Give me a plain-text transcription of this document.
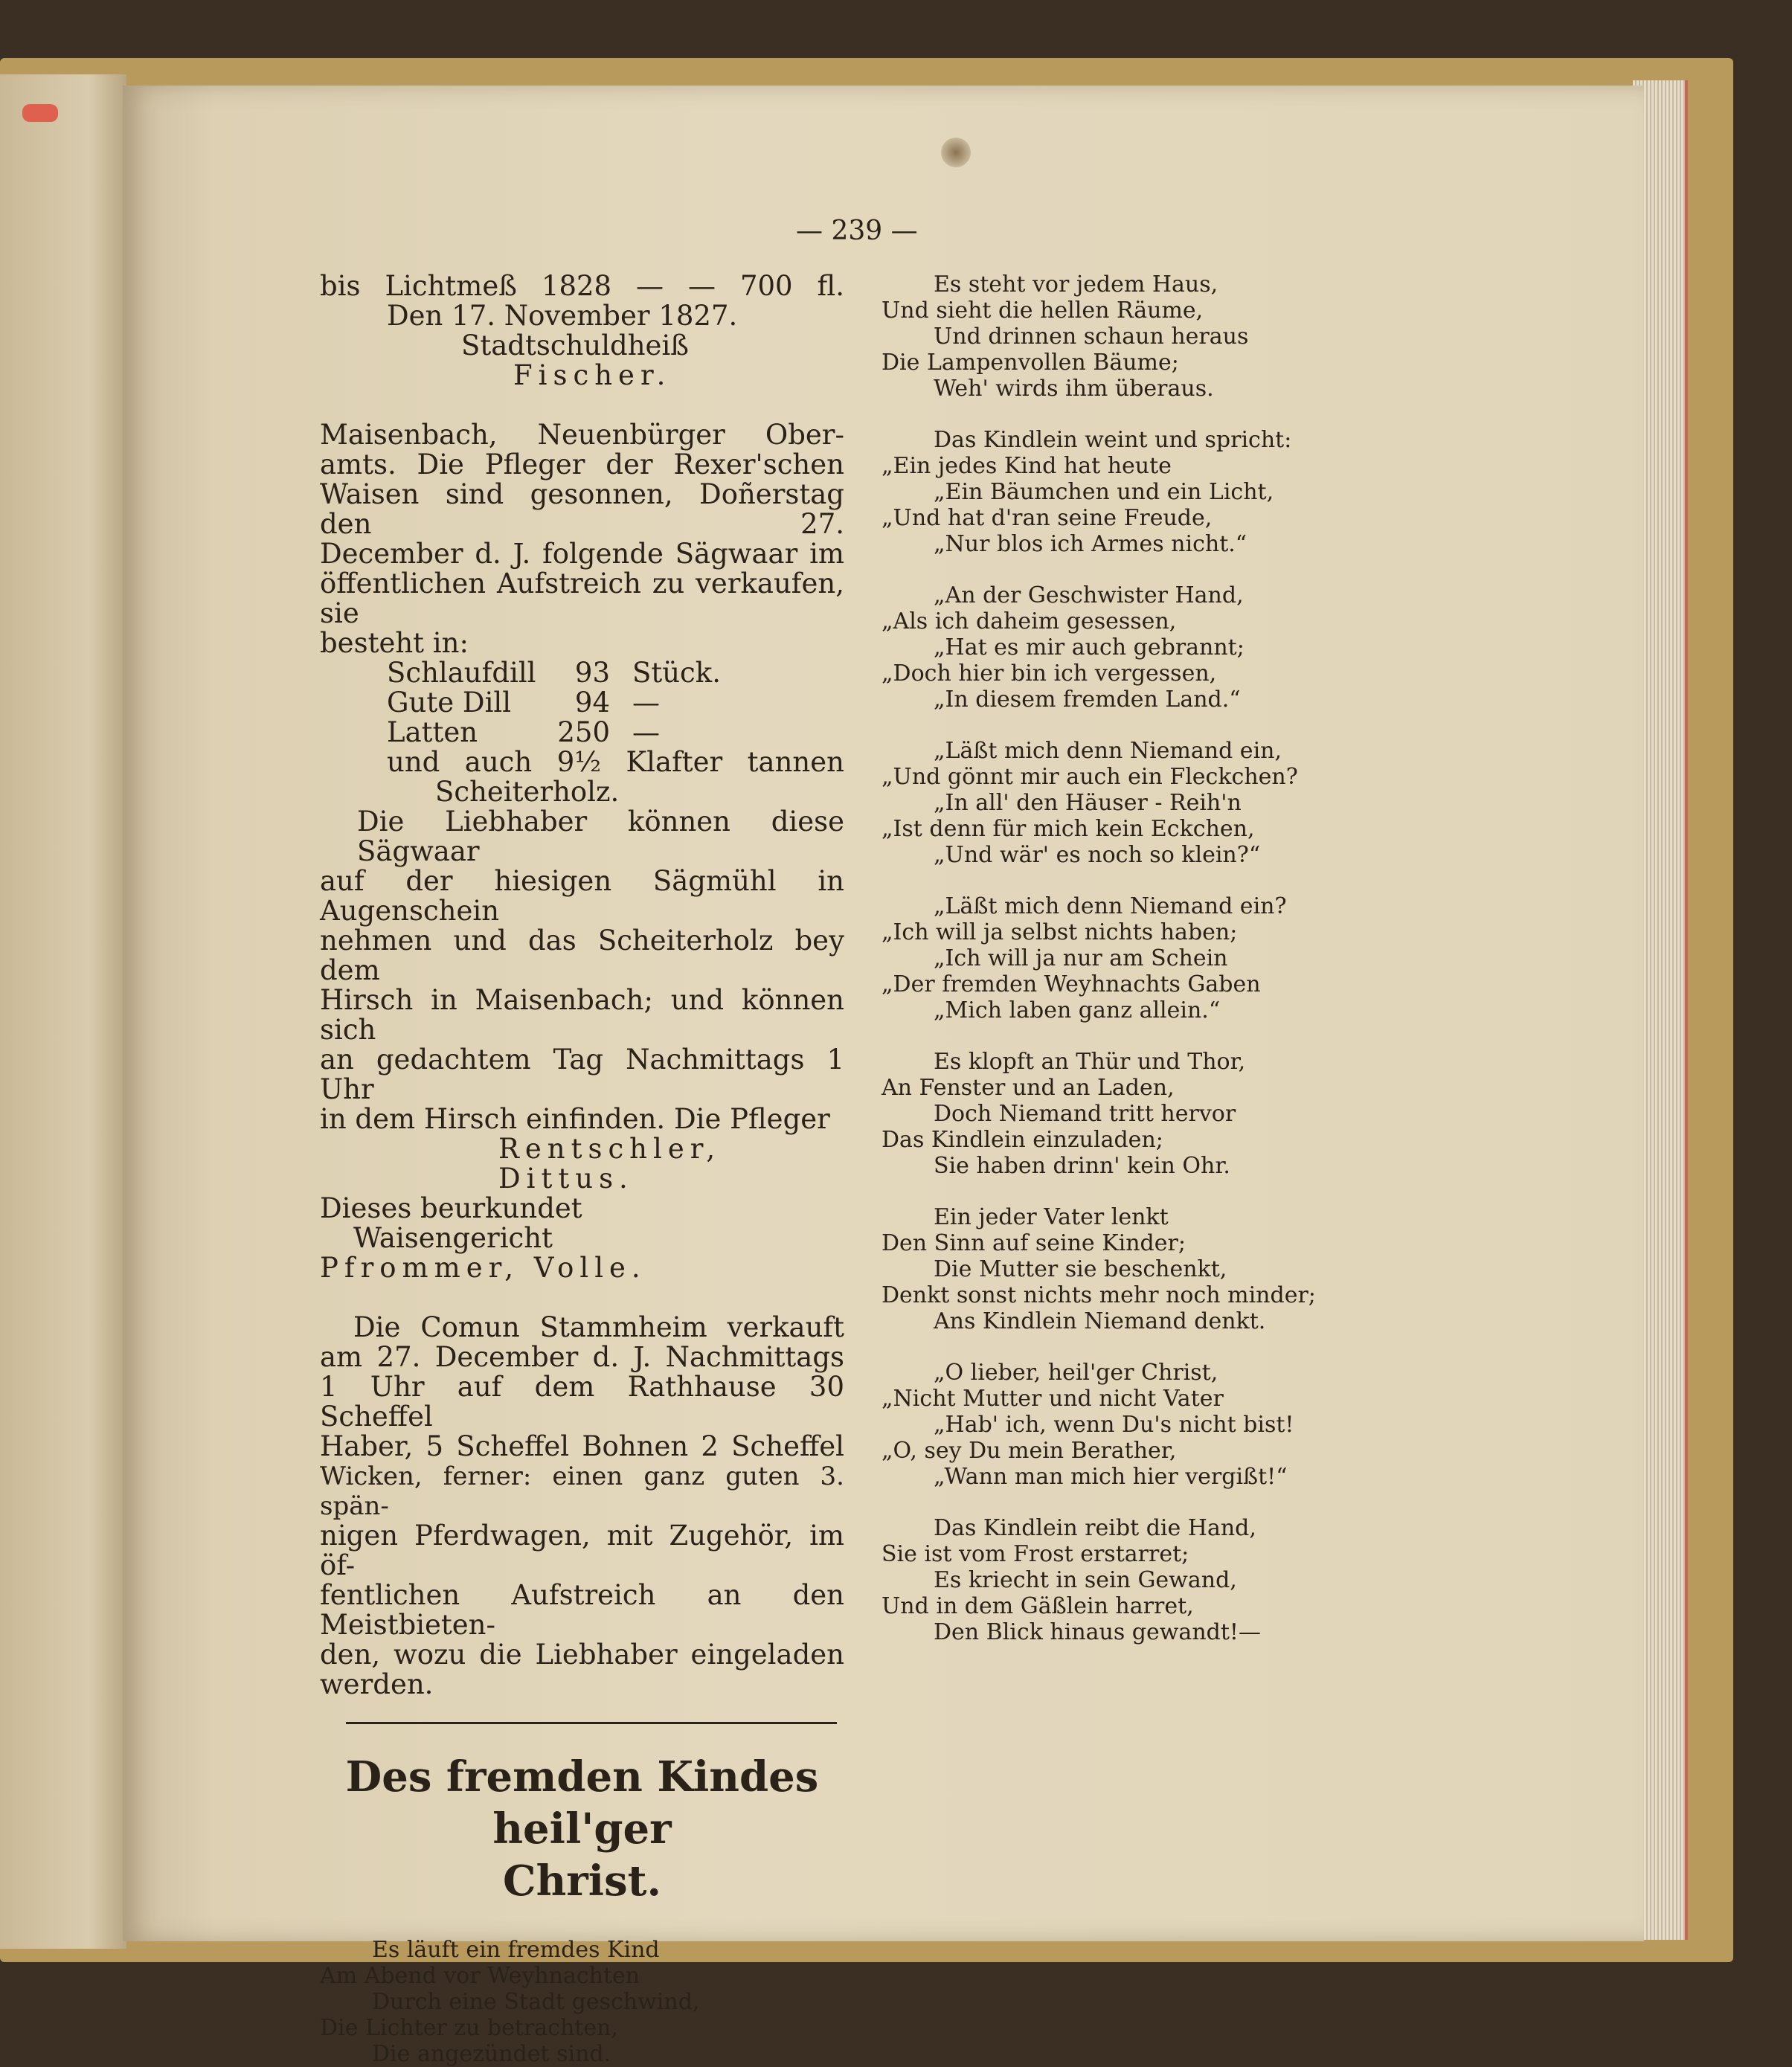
— 239 —

bis Lichtmeß 1828 — — 700 fl.

Den 17. November 1827.

Stadtschuldheiß

Fischer.

Maisenbach, Neuenbürger Ober-

amts. Die Pfleger der Rexer'schen

Waisen sind gesonnen, Doñerstag den 27.

December d. J. folgende Sägwaar im

öffentlichen Aufstreich zu verkaufen, sie

besteht in:

Schlaufdill	93 Stück.
Gute Dill	94 —
Latten	250 —

und auch 9½ Klafter tannen

Scheiterholz.

Die Liebhaber können diese Sägwaar

auf der hiesigen Sägmühl in Augenschein

nehmen und das Scheiterholz bey dem

Hirsch in Maisenbach; und können sich

an gedachtem Tag Nachmittags 1 Uhr

in dem Hirsch einfinden. Die Pfleger

Rentschler, Dittus.

Dieses beurkundet

Waisengericht

Pfrommer, Volle.

Die Comun Stammheim verkauft

am 27. December d. J. Nachmittags

1 Uhr auf dem Rathhause 30 Scheffel

Haber, 5 Scheffel Bohnen 2 Scheffel

Wicken, ferner: einen ganz guten 3. spän-

nigen Pferdwagen, mit Zugehör, im öf-

fentlichen Aufstreich an den Meistbieten-

den, wozu die Liebhaber eingeladen

werden.

Des fremden Kindes heil'ger

Christ.

Es läuft ein fremdes Kind

Am Abend vor Weyhnachten

Durch eine Stadt geschwind,

Die Lichter zu betrachten,

Die angezündet sind.

Es steht vor jedem Haus,

Und sieht die hellen Räume,

Und drinnen schaun heraus

Die Lampenvollen Bäume;

Weh' wirds ihm überaus.

Das Kindlein weint und spricht:

„Ein jedes Kind hat heute

„Ein Bäumchen und ein Licht,

„Und hat d'ran seine Freude,

„Nur blos ich Armes nicht.“

„An der Geschwister Hand,

„Als ich daheim gesessen,

„Hat es mir auch gebrannt;

„Doch hier bin ich vergessen,

„In diesem fremden Land.“

„Läßt mich denn Niemand ein,

„Und gönnt mir auch ein Fleckchen?

„In all' den Häuser - Reih'n

„Ist denn für mich kein Eckchen,

„Und wär' es noch so klein?“

„Läßt mich denn Niemand ein?

„Ich will ja selbst nichts haben;

„Ich will ja nur am Schein

„Der fremden Weyhnachts Gaben

„Mich laben ganz allein.“

Es klopft an Thür und Thor,

An Fenster und an Laden,

Doch Niemand tritt hervor

Das Kindlein einzuladen;

Sie haben drinn' kein Ohr.

Ein jeder Vater lenkt

Den Sinn auf seine Kinder;

Die Mutter sie beschenkt,

Denkt sonst nichts mehr noch minder;

Ans Kindlein Niemand denkt.

„O lieber, heil'ger Christ,

„Nicht Mutter und nicht Vater

„Hab' ich, wenn Du's nicht bist!

„O, sey Du mein Berather,

„Wann man mich hier vergißt!“

Das Kindlein reibt die Hand,

Sie ist vom Frost erstarret;

Es kriecht in sein Gewand,

Und in dem Gäßlein harret,

Den Blick hinaus gewandt!—
